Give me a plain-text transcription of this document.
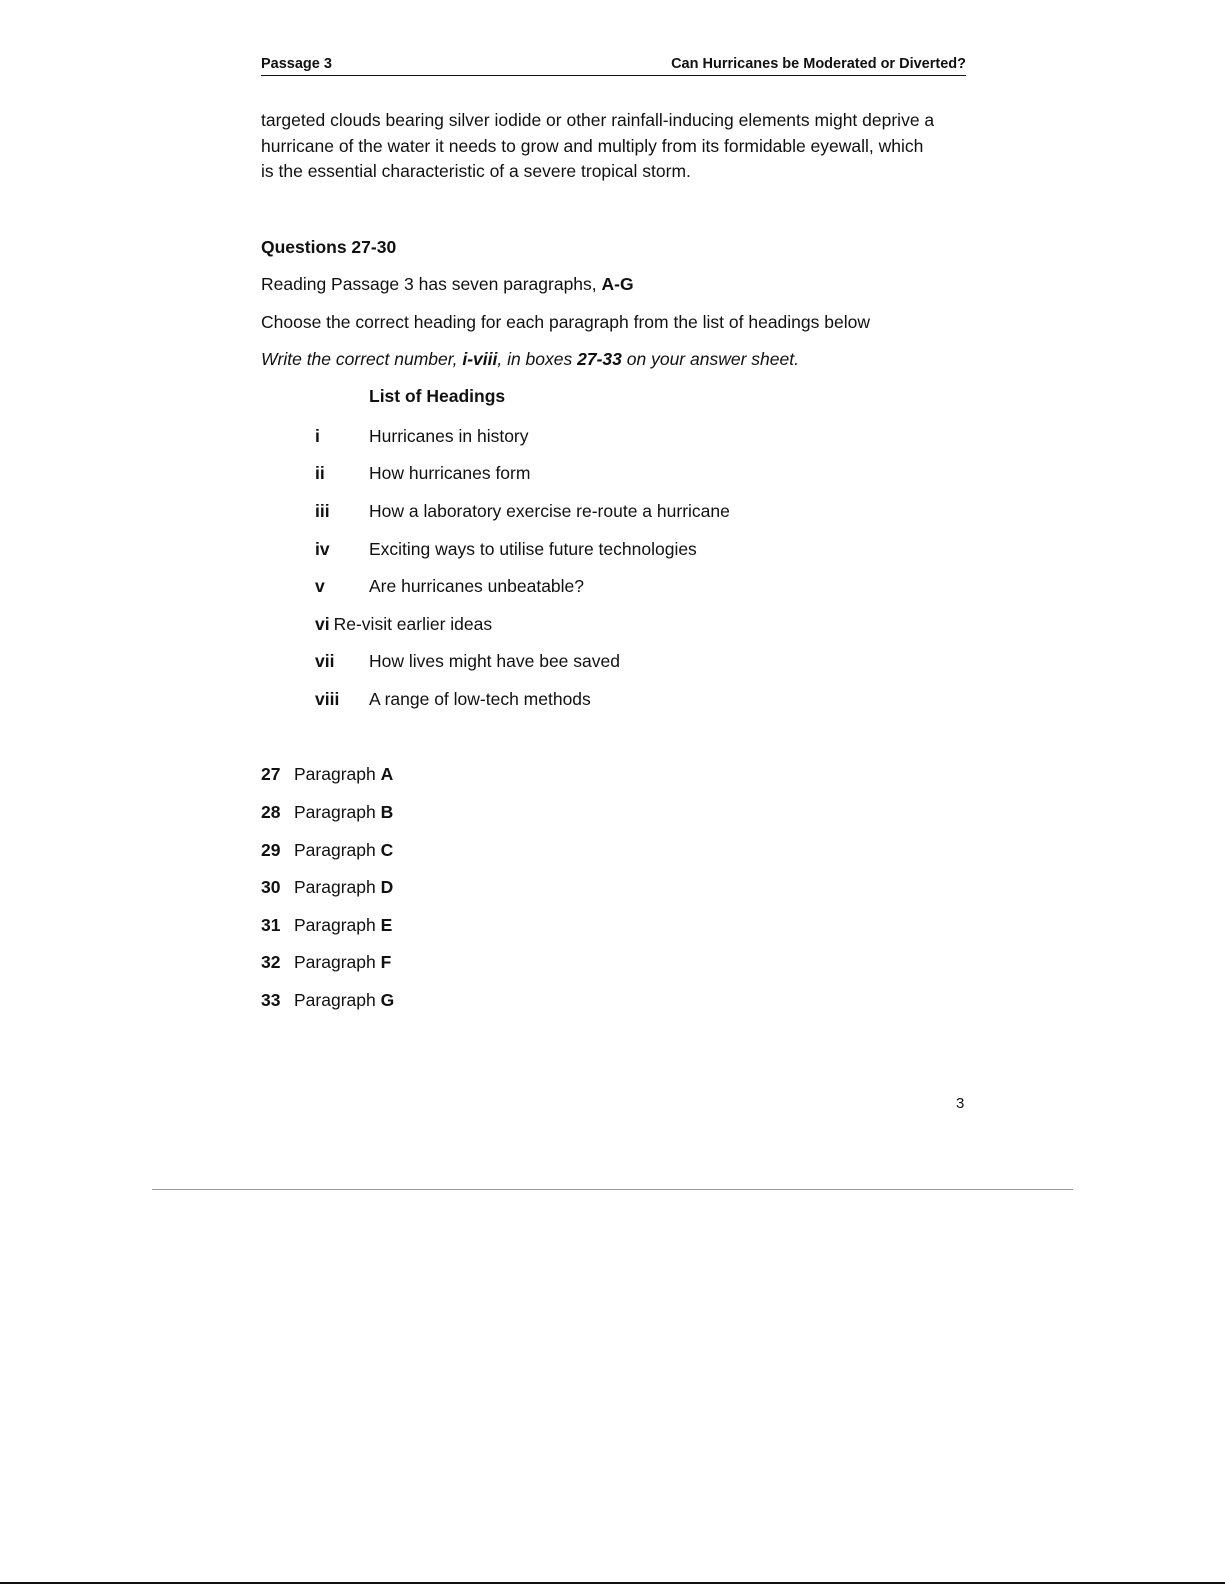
Passage 3	Can Hurricanes be Moderated or Diverted?
targeted clouds bearing silver iodide or other rainfall-inducing elements might deprive a
hurricane of the water it needs to grow and multiply from its formidable eyewall, which
is the essential characteristic of a severe tropical storm.
Questions 27-30
Reading Passage 3 has seven paragraphs, A-G
Choose the correct heading for each paragraph from the list of headings below
Write the correct number, i-viii, in boxes 27-33 on your answer sheet.
List of Headings
i	Hurricanes in history
ii	How hurricanes form
iii How a laboratory exercise re-route a hurricane
iv Exciting ways to utilise future technologies
v	Are hurricanes unbeatable?
vi Re-visit earlier ideas
vii How lives might have bee saved
viii A range of low-tech methods
27 Paragraph A
28 Paragraph B
29 Paragraph C
30 Paragraph D
31 Paragraph E
32 Paragraph F
33 Paragraph G
3
